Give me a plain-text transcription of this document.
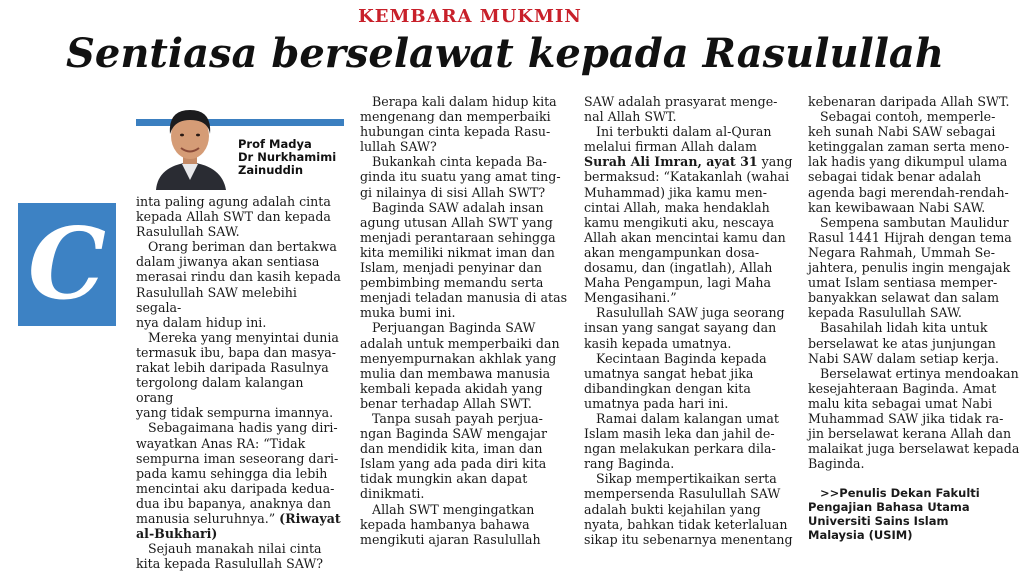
KEMBARA MUKMIN
Sentiasa berselawat kepada Rasulullah
Prof Madya
Dr Nurkhamimi
Zainuddin
C

inta paling agung adalah cinta
kepada Allah SWT dan kepada
Rasulullah SAW.

Orang beriman dan bertakwa
dalam jiwanya akan sentiasa
merasai rindu dan kasih kepada
Rasulullah SAW melebihi segala-
nya dalam hidup ini.

Mereka yang menyintai dunia
termasuk ibu, bapa dan masya-
rakat lebih daripada Rasulnya
tergolong dalam kalangan orang
yang tidak sempurna imannya.

Sebagaimana hadis yang diri-
wayatkan Anas RA: “Tidak
sempurna iman seseorang dari-
pada kamu sehingga dia lebih
mencintai aku daripada kedua-
dua ibu bapanya, anaknya dan
manusia seluruhnya.” (Riwayat
al-Bukhari)

Sejauh manakah nilai cinta
kita kepada Rasulullah SAW?

Berapa kali dalam hidup kita
mengenang dan memperbaiki
hubungan cinta kepada Rasu-
lullah SAW?

Bukankah cinta kepada Ba-
ginda itu suatu yang amat ting-
gi nilainya di sisi Allah SWT?

Baginda SAW adalah insan
agung utusan Allah SWT yang
menjadi perantaraan sehingga
kita memiliki nikmat iman dan
Islam, menjadi penyinar dan
pembimbing memandu serta
menjadi teladan manusia di atas
muka bumi ini.

Perjuangan Baginda SAW
adalah untuk memperbaiki dan
menyempurnakan akhlak yang
mulia dan membawa manusia
kembali kepada akidah yang
benar terhadap Allah SWT.

Tanpa susah payah perjua-
ngan Baginda SAW mengajar
dan mendidik kita, iman dan
Islam yang ada pada diri kita
tidak mungkin akan dapat
dinikmati.

Allah SWT mengingatkan
kepada hambanya bahawa
mengikuti ajaran Rasulullah

SAW adalah prasyarat menge-
nal Allah SWT.

Ini terbukti dalam al-Quran
melalui firman Allah dalam
Surah Ali Imran, ayat 31 yang
bermaksud: “Katakanlah (wahai
Muhammad) jika kamu men-
cintai Allah, maka hendaklah
kamu mengikuti aku, nescaya
Allah akan mencintai kamu dan
akan mengampunkan dosa-
dosamu, dan (ingatlah), Allah
Maha Pengampun, lagi Maha
Mengasihani.”

Rasulullah SAW juga seorang
insan yang sangat sayang dan
kasih kepada umatnya.

Kecintaan Baginda kepada
umatnya sangat hebat jika
dibandingkan dengan kita
umatnya pada hari ini.

Ramai dalam kalangan umat
Islam masih leka dan jahil de-
ngan melakukan perkara dila-
rang Baginda.

Sikap mempertikaikan serta
mempersenda Rasulullah SAW
adalah bukti kejahilan yang
nyata, bahkan tidak keterlaluan
sikap itu sebenarnya menentang

kebenaran daripada Allah SWT.

Sebagai contoh, memperle-
keh sunah Nabi SAW sebagai
ketinggalan zaman serta meno-
lak hadis yang dikumpul ulama
sebagai tidak benar adalah
agenda bagi merendah-rendah-
kan kewibawaan Nabi SAW.

Sempena sambutan Maulidur
Rasul 1441 Hijrah dengan tema
Negara Rahmah, Ummah Se-
jahtera, penulis ingin mengajak
umat Islam sentiasa memper-
banyakkan selawat dan salam
kepada Rasulullah SAW.

Basahilah lidah kita untuk
berselawat ke atas junjungan
Nabi SAW dalam setiap kerja.

Berselawat ertinya mendoakan
kesejahteraan Baginda. Amat
malu kita sebagai umat Nabi
Muhammad SAW jika tidak ra-
jin berselawat kerana Allah dan
malaikat juga berselawat kepada
Baginda.

>>Penulis Dekan Fakulti
Pengajian Bahasa Utama
Universiti Sains Islam
Malaysia (USIM)
